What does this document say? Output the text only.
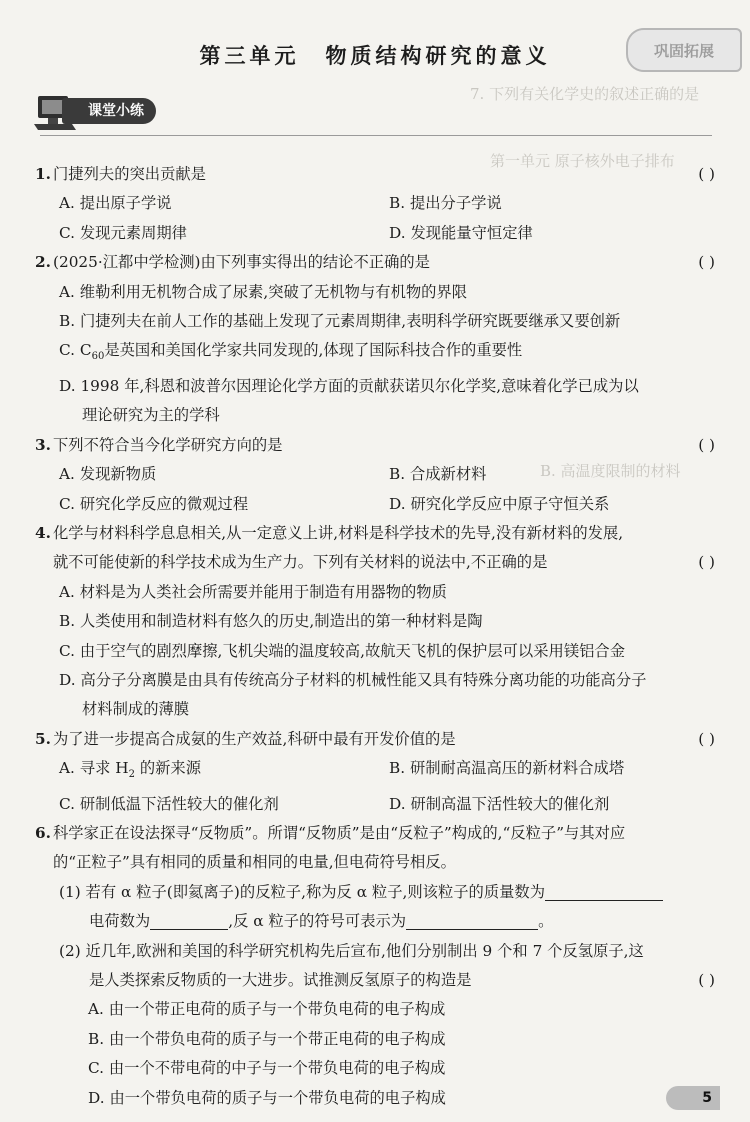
7. 下列有关化学史的叙述正确的是
第一单元 原子核外电子排布
B. 高温度限制的材料
巩固拓展
第三单元 物质结构研究的意义
课堂小练
1. 门捷列夫的突出贡献是	( )
A. 提出原子学说	B. 提出分子学说
C. 发现元素周期律	D. 发现能量守恒定律
2. (2025·江都中学检测)由下列事实得出的结论不正确的是	( )
A. 维勒利用无机物合成了尿素,突破了无机物与有机物的界限
B. 门捷列夫在前人工作的基础上发现了元素周期律,表明科学研究既要继承又要创新
C. $C_{60}$是英国和美国化学家共同发现的,体现了国际科技合作的重要性
D. 1998 年,科恩和波普尔因理论化学方面的贡献获诺贝尔化学奖,意味着化学已成为以
理论研究为主的学科
3. 下列不符合当今化学研究方向的是	( )
A. 发现新物质	B. 合成新材料
C. 研究化学反应的微观过程	D. 研究化学反应中原子守恒关系
4. 化学与材料科学息息相关,从一定意义上讲,材料是科学技术的先导,没有新材料的发展,
就不可能使新的科学技术成为生产力。下列有关材料的说法中,不正确的是	( )
A. 材料是为人类社会所需要并能用于制造有用器物的物质
B. 人类使用和制造材料有悠久的历史,制造出的第一种材料是陶
C. 由于空气的剧烈摩擦,飞机尖端的温度较高,故航天飞机的保护层可以采用镁铝合金
D. 高分子分离膜是由具有传统高分子材料的机械性能又具有特殊分离功能的功能高分子
材料制成的薄膜
5. 为了进一步提高合成氨的生产效益,科研中最有开发价值的是	( )
A. 寻求 $H_2$ 的新来源	B. 研制耐高温高压的新材料合成塔
C. 研制低温下活性较大的催化剂	D. 研制高温下活性较大的催化剂
6. 科学家正在设法探寻“反物质”。所谓“反物质”是由“反粒子”构成的,“反粒子”与其对应
的“正粒子”具有相同的质量和相同的电量,但电荷符号相反。
(1) 若有 α 粒子(即氦离子)的反粒子,称为反 α 粒子,则该粒子的质量数为
电荷数为	,反 α 粒子的符号可表示为	。
(2) 近几年,欧洲和美国的科学研究机构先后宣布,他们分别制出 9 个和 7 个反氢原子,这
是人类探索反物质的一大进步。试推测反氢原子的构造是	( )
A. 由一个带正电荷的质子与一个带负电荷的电子构成
B. 由一个带负电荷的质子与一个带正电荷的电子构成
C. 由一个不带电荷的中子与一个带负电荷的电子构成
D. 由一个带负电荷的质子与一个带负电荷的电子构成	5
